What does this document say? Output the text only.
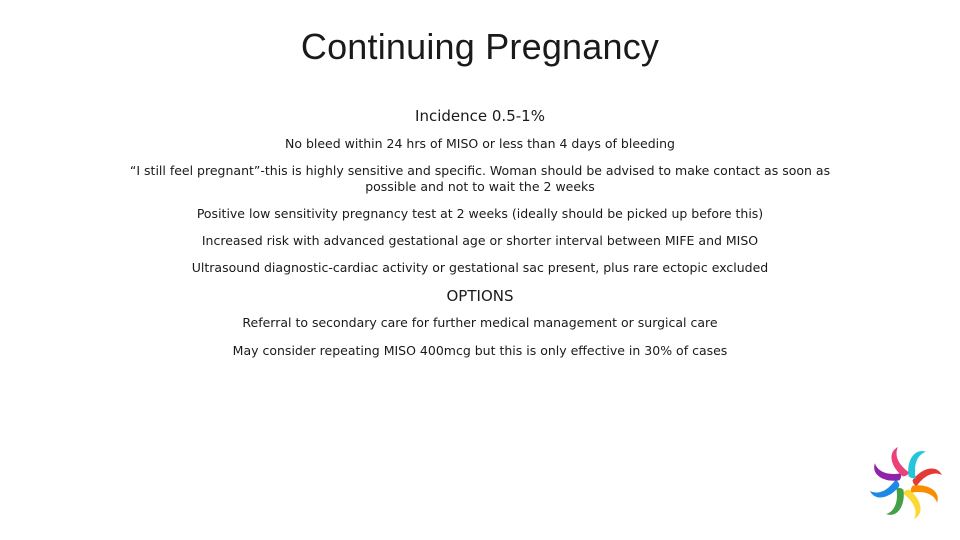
Continuing Pregnancy

Incidence 0.5-1%

No bleed within 24 hrs of MISO or less than 4 days of bleeding

“I still feel pregnant”-this is highly sensitive and specific. Woman should be advised to make contact as soon as possible and not to wait the 2 weeks

Positive low sensitivity pregnancy test at 2 weeks (ideally should be picked up before this)

Increased risk with advanced gestational age or shorter interval between MIFE and MISO

Ultrasound diagnostic-cardiac activity or gestational sac present, plus rare ectopic excluded

OPTIONS

Referral to secondary care for further medical management or surgical care

May consider repeating MISO 400mcg but this is only effective in 30% of cases
